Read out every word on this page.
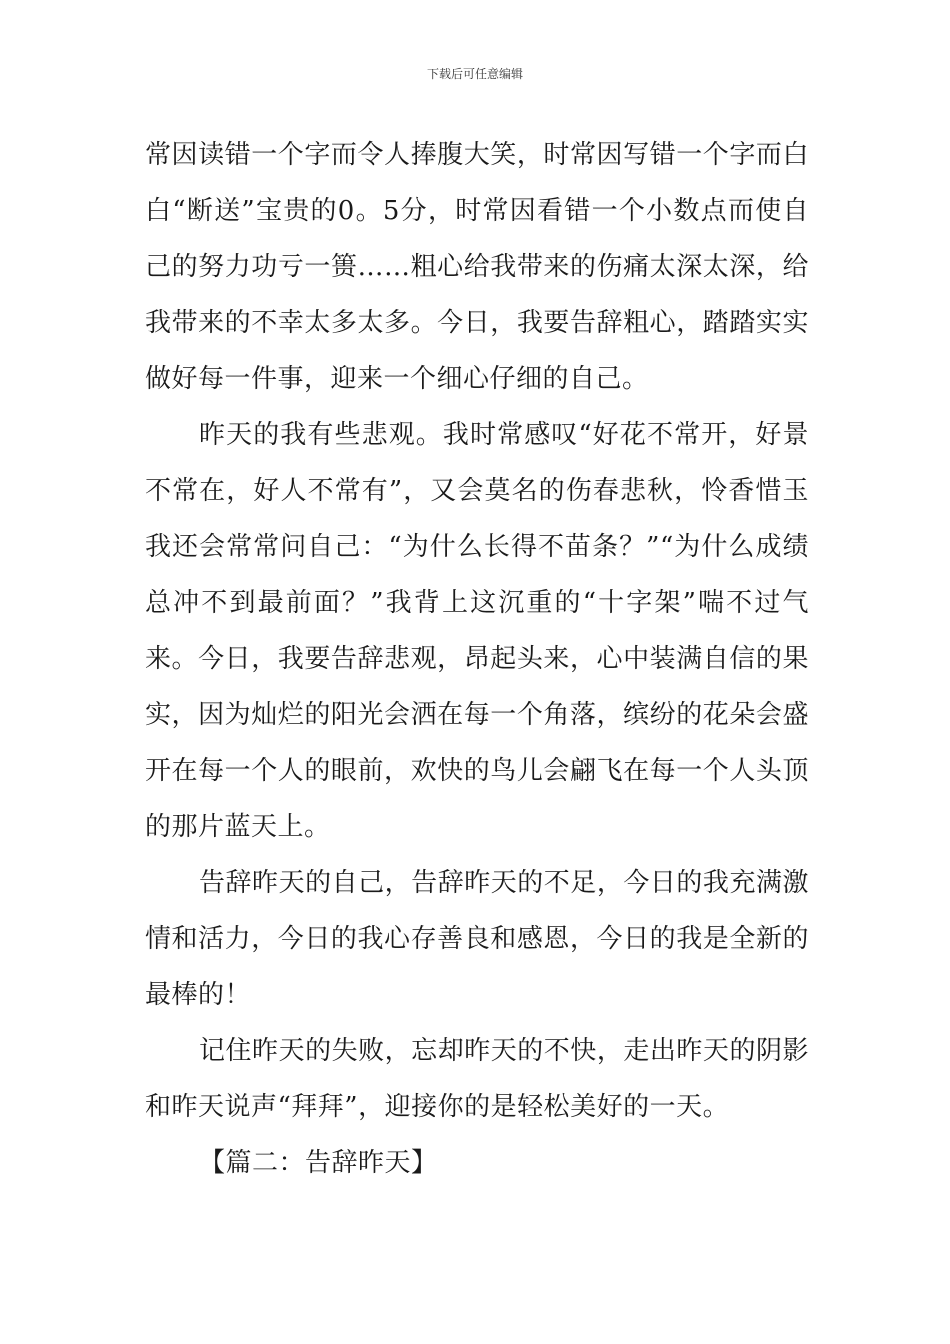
下载后可任意编辑

常因读错一个字而令人捧腹大笑，时常因写错一个字而白白“断送”宝贵的0。5分，时常因看错一个小数点而使自己的努力功亏一篑……粗心给我带来的伤痛太深太深，给我带来的不幸太多太多。今日，我要告辞粗心，踏踏实实做好每一件事，迎来一个细心仔细的自己。

昨天的我有些悲观。我时常感叹“好花不常开，好景不常在，好人不常有”，又会莫名的伤春悲秋，怜香惜玉我还会常常问自己：“为什么长得不苗条？”“为什么成绩总冲不到最前面？”我背上这沉重的“十字架”喘不过气来。今日，我要告辞悲观，昂起头来，心中装满自信的果实，因为灿烂的阳光会洒在每一个角落，缤纷的花朵会盛开在每一个人的眼前，欢快的鸟儿会翩飞在每一个人头顶的那片蓝天上。

告辞昨天的自己，告辞昨天的不足，今日的我充满激情和活力，今日的我心存善良和感恩，今日的我是全新的最棒的！

记住昨天的失败，忘却昨天的不快，走出昨天的阴影和昨天说声“拜拜”，迎接你的是轻松美好的一天。

【篇二：告辞昨天】
